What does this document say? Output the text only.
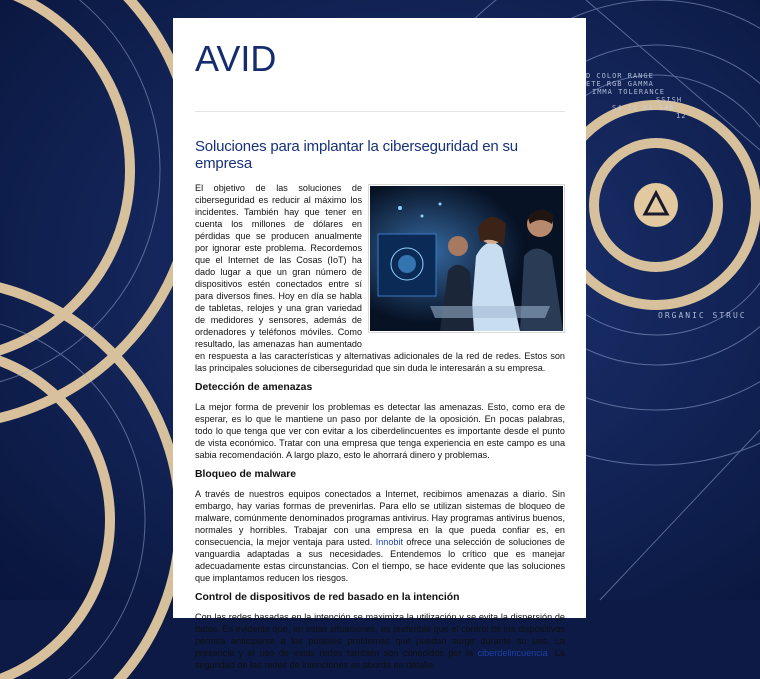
D COLOR RANGE
ETE RGB GAMMA
IMMA TOLERANCE
SSISH
S4.11 01.S48
12
ORGANIC STRUC
AVID
Soluciones para implantar la ciberseguridad en su empresa

El objetivo de las soluciones de ciberseguridad es reducir al máximo los incidentes. También hay que tener en cuenta los millones de dólares en pérdidas que se producen anualmente por ignorar este problema. Recordemos que el Internet de las Cosas (IoT) ha dado lugar a que un gran número de dispositivos estén conectados entre sí para diversos fines. Hoy en día se habla de tabletas, relojes y una gran variedad de medidores y sensores, además de ordenadores y teléfonos móviles. Como resultado, las amenazas han aumentado en respuesta a las características y alternativas adicionales de la red de redes. Estos son las principales soluciones de ciberseguridad que sin duda le interesarán a su empresa.

Detección de amenazas

La mejor forma de prevenir los problemas es detectar las amenazas. Esto, como era de esperar, es lo que le mantiene un paso por delante de la oposición. En pocas palabras, todo lo que tenga que ver con evitar a los ciberdelincuentes es importante desde el punto de vista económico. Tratar con una empresa que tenga experiencia en este campo es una sabia recomendación. A largo plazo, esto le ahorrará dinero y problemas.

Bloqueo de malware

A través de nuestros equipos conectados a Internet, recibimos amenazas a diario. Sin embargo, hay varias formas de prevenirlas. Para ello se utilizan sistemas de bloqueo de malware, comúnmente denominados programas antivirus. Hay programas antivirus buenos, normales y horribles. Trabajar con una empresa en la que pueda confiar es, en consecuencia, la mejor ventaja para usted. Innobit ofrece una selección de soluciones de vanguardia adaptadas a sus necesidades. Entendemos lo crítico que es manejar adecuadamente estas circunstancias. Con el tiempo, se hace evidente que las soluciones que implantamos reducen los riesgos.

Control de dispositivos de red basado en la intención

Con las redes basadas en la intención se maximiza la utilización y se evita la dispersión de datos. Es evidente que, en estas situaciones, es preferible que el control de los dispositivos permita anticiparse a los posibles problemas que puedan surgir durante su uso. La presencia y el uso de estas redes también son conocidos por la ciberdelincuencia. La seguridad de las redes de intenciones se aborda en detalle.
